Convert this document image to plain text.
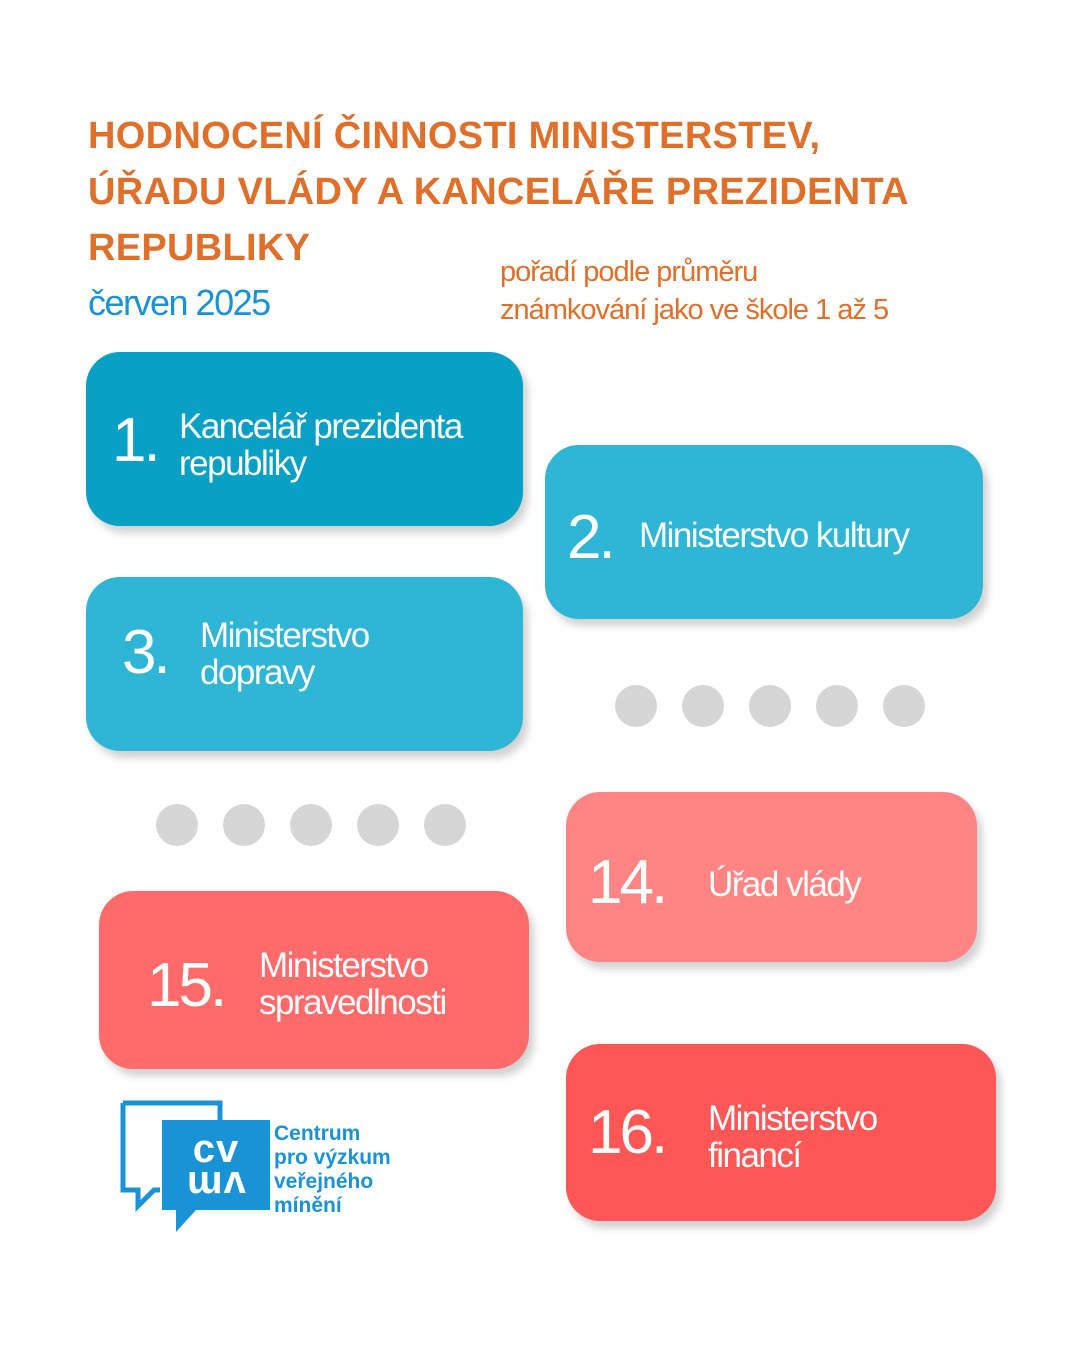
HODNOCENÍ ČINNOSTI MINISTERSTEV,
ÚŘADU VLÁDY A KANCELÁŘE PREZIDENTA
REPUBLIKY
červen 2025
pořadí podle průměru
známkování jako ve škole 1 až 5
1. Kancelář prezidenta
republiky
2. Ministerstvo kultury
3. Ministerstvo
dopravy
14. Úřad vlády
15. Ministerstvo
spravedlnosti
16. Ministerstvo
financí
cv
vm
Centrum
pro výzkum
veřejného
mínění
